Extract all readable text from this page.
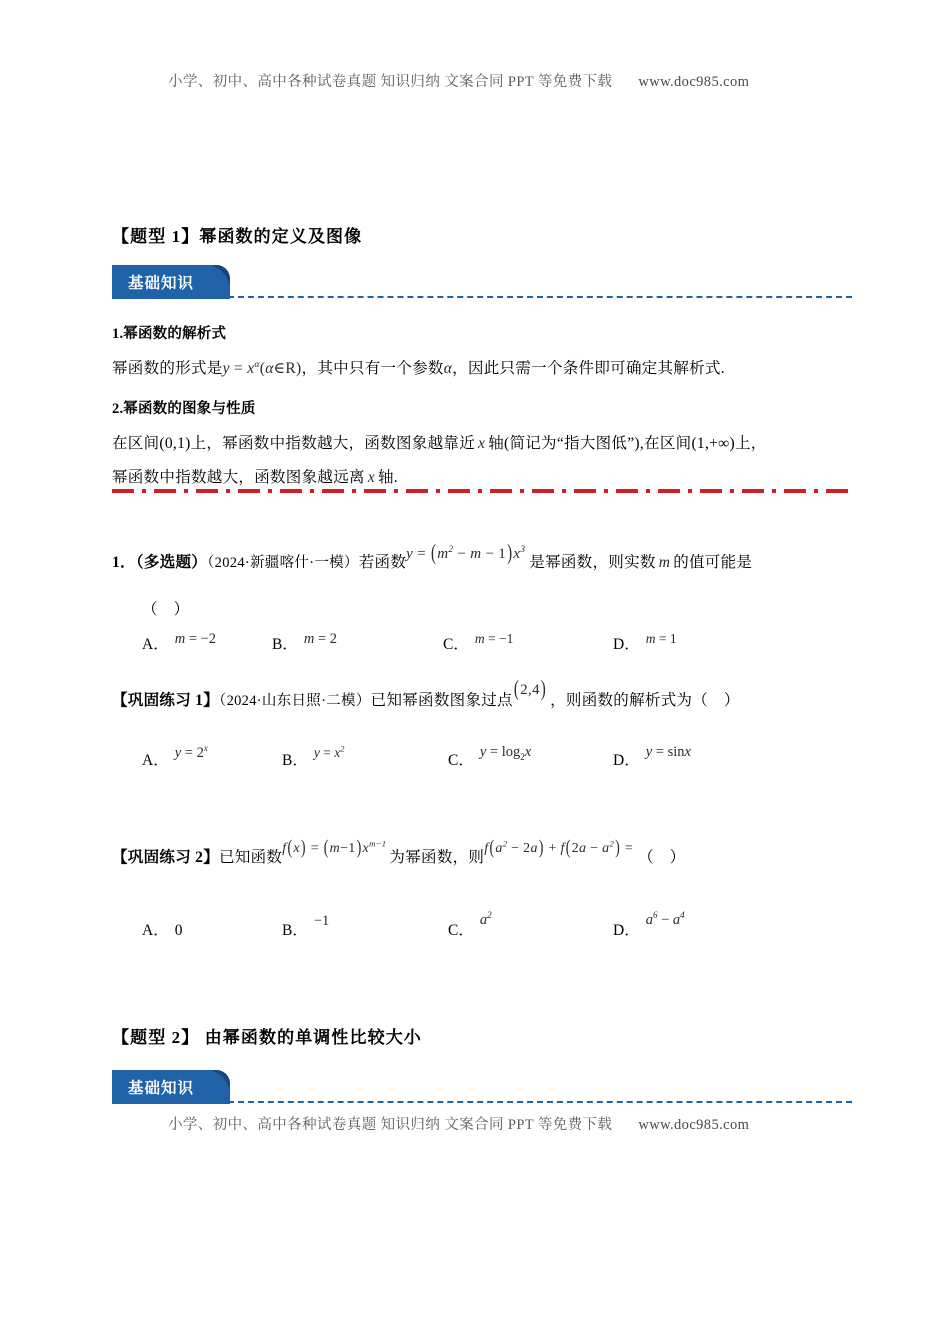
小学、初中、高中各种试卷真题 知识归纳 文案合同 PPT 等免费下载 www.doc985.com
【题型 1】幂函数的定义及图像
基础知识
1.幂函数的解析式
幂函数的形式是$y = x^\alpha(\alpha\in R)$，其中只有一个参数α，因此只需一个条件即可确定其解析式.
2.幂函数的图象与性质
在区间(0,1)上，幂函数中指数越大，函数图象越靠近 x 轴(简记为“指大图低”),在区间(1,+∞)上，
幂函数中指数越大，函数图象越远离 x 轴.
1．（多选题）（2024·新疆喀什·一模）若函数$y = (m^2 - m - 1)x^3$是幂函数，则实数 m 的值可能是
（　）
A． m = −2	B． m = 2	C． m = −1	D． m = 1
【巩固练习 1】（2024·山东日照·二模）已知幂函数图象过点(2,4) ，则函数的解析式为（　）
A． $y = 2^x$
B． $y = x^2$
C． $y = \log_2x$	D． y = sinx
【巩固练习 2】已知函数$f(x) = (m-1)x^{m-1}$为幂函数，则$f(a^2 - 2a) + f(2a - a^2)$ =（　）
A． 0	B．−1
C．$a^2$
D．$a^6 - a^4$
【题型 2】 由幂函数的单调性比较大小
基础知识
小学、初中、高中各种试卷真题 知识归纳 文案合同 PPT 等免费下载 www.doc985.com
